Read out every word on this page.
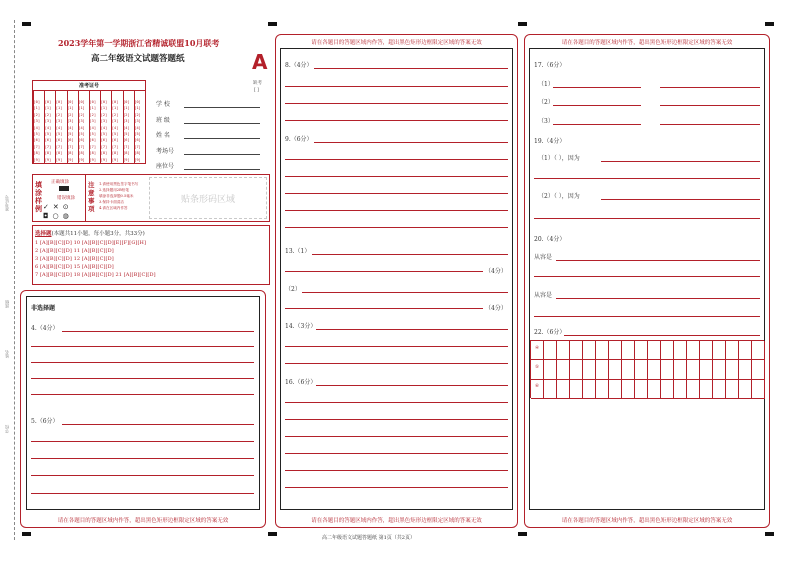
准考证号
班级
姓名
学校
2023学年第一学期浙江省精诚联盟10月联考
高二年级语文试题答题纸	A
缺考
[ ]
准考证号
[0]
[1]
[2]
[3]
[4]
[5]
[6]
[7]
[8]
[9]
[0]
[1]
[2]
[3]
[4]
[5]
[6]
[7]
[8]
[9]
[0]
[1]
[2]
[3]
[4]
[5]
[6]
[7]
[8]
[9]
[0]
[1]
[2]
[3]
[4]
[5]
[6]
[7]
[8]
[9]
[0]
[1]
[2]
[3]
[4]
[5]
[6]
[7]
[8]
[9]
[0]
[1]
[2]
[3]
[4]
[5]
[6]
[7]
[8]
[9]
[0]
[1]
[2]
[3]
[4]
[5]
[6]
[7]
[8]
[9]
[0]
[1]
[2]
[3]
[4]
[5]
[6]
[7]
[8]
[9]
[0]
[1]
[2]
[3]
[4]
[5]
[6]
[7]
[8]
[9]
[0]
[1]
[2]
[3]
[4]
[5]
[6]
[7]
[8]
[9]
学 校
班 级
姓 名
考场号
座位号
填涂
样例
正确填涂
错误填涂
✓✕⊙
◘○◍
注
意
事
项
1.请使用黑色签字笔书写
2.选择题用2B铅笔
填涂非选择题0.5毫米
3.保持卡面清洁
4.请在区域内作答
贴条形码区域
选择题(本题共11小题，每小题3分，共33分)
1 [A][B][C][D] 10 [A][B][C][D][E][F][G][H]
2 [A][B][C][D] 11 [A][B][C][D]
3 [A][B][C][D] 12 [A][B][C][D]
6 [A][B][C][D] 15 [A][B][C][D]
7 [A][B][C][D] 18 [A][B][C][D] 21 [A][B][C][D]
非选择题
4.（4分）
5.（6分）
请在各题目的答题区域内作答，超出黑色矩形边框限定区域的答案无效
请在各题目的答题区域内作答，超出黑色矩形边框限定区域的答案无效
8.（4分）
9.（6分）
13.（1）
（4分）
（2）
（4分）
14.（3分）
16.（6分）
请在各题目的答题区域内作答，超出黑色矩形边框限定区域的答案无效
请在各题目的答题区域内作答，超出黑色矩形边框限定区域的答案无效
17.（6分）
（1）
（2）
（3）
19.（4分）
（1）（ ），因为
（2）（ ），因为
20.（4分）
从容是
从容是
22.（6分）
④
⑤
⑥
请在各题目的答题区域内作答，超出黑色矩形边框限定区域的答案无效
高二年级语文试题答题纸 第1页（共2页）
